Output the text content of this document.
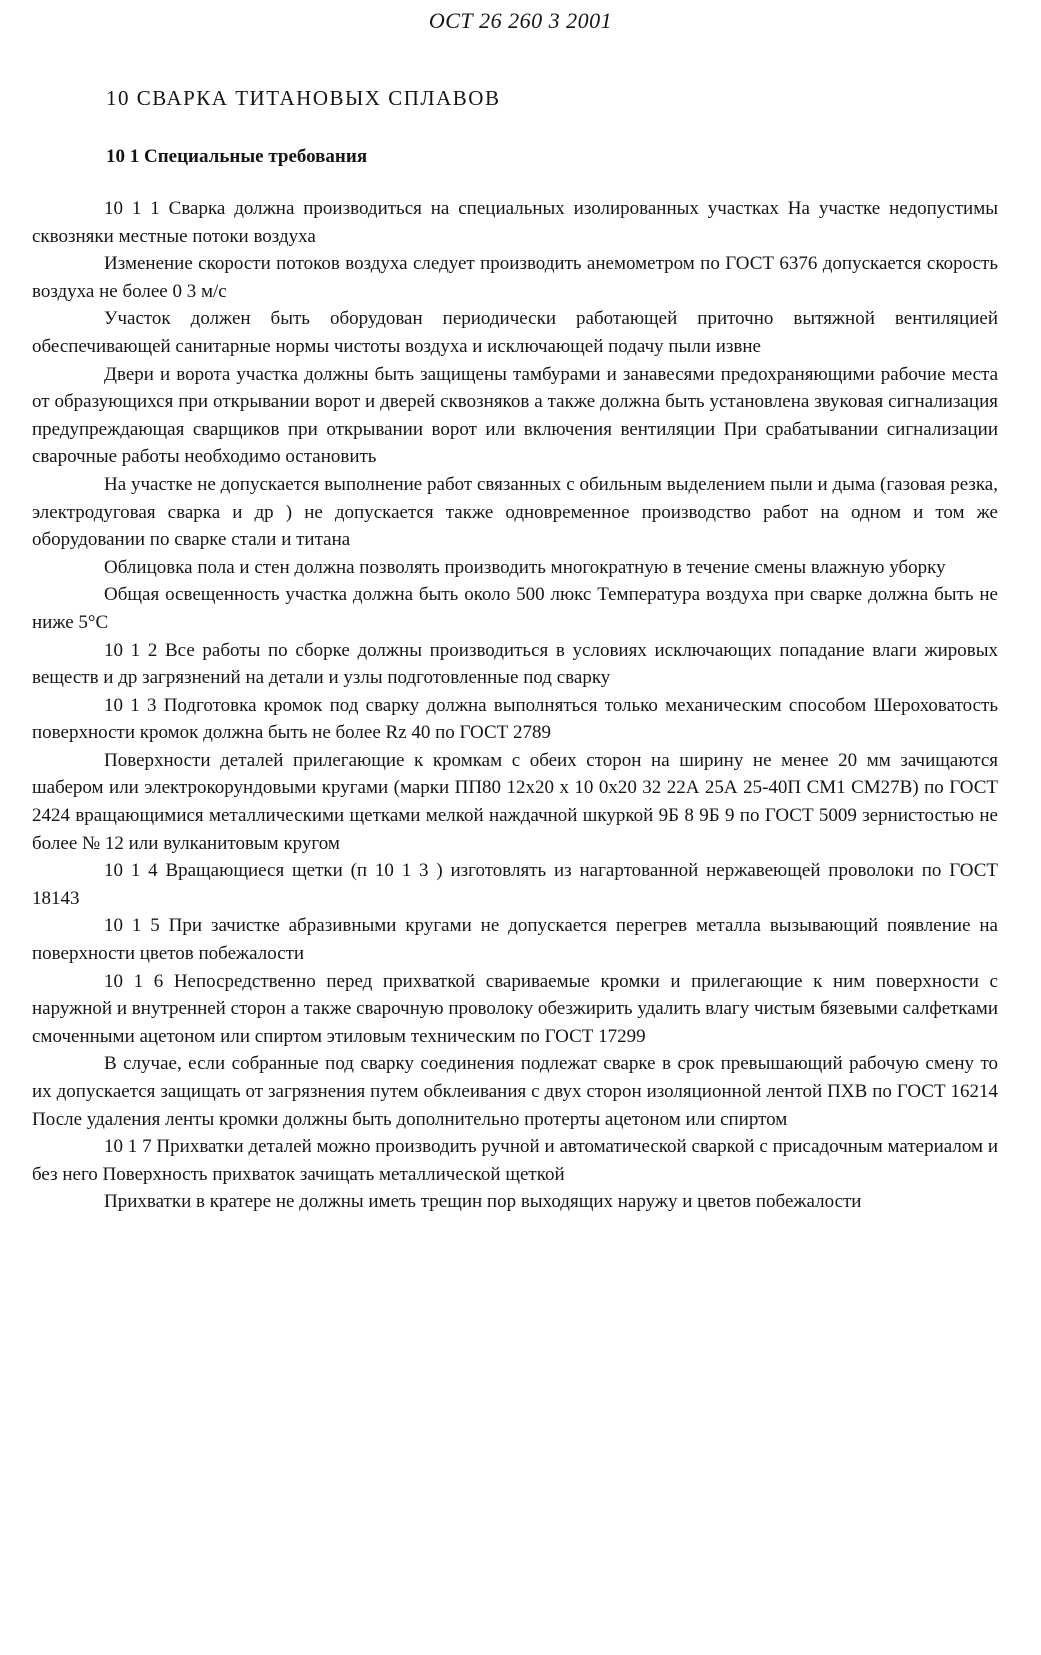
ОСТ 26 260 3 2001
10 СВАРКА ТИТАНОВЫХ СПЛАВОВ
10 1 Специальные требования

10 1 1 Сварка должна производиться на специальных изолированных участках На участке недопустимы сквозняки местные потоки воздуха

Изменение скорости потоков воздуха следует производить анемометром по ГОСТ 6376 допускается скорость воздуха не более 0 3 м/с

Участок должен быть оборудован периодически работающей приточно вытяжной вентиляцией обеспечивающей санитарные нормы чистоты воздуха и исключающей подачу пыли извне

Двери и ворота участка должны быть защищены тамбурами и занавесями предохраняющими рабочие места от образующихся при открывании ворот и дверей сквозняков а также должна быть установлена звуковая сигнализация предупреждающая сварщиков при открывании ворот или включения вентиляции При срабатывании сигнализации сварочные работы необходимо остановить

На участке не допускается выполнение работ связанных с обильным выделением пыли и дыма (газовая резка, электродуговая сварка и др ) не допускается также одновременное производство работ на одном и том же оборудовании по сварке стали и титана

Облицовка пола и стен должна позволять производить многократную в течение смены влажную уборку

Общая освещенность участка должна быть около 500 люкс Температура воздуха при сварке должна быть не ниже 5°С

10 1 2 Все работы по сборке должны производиться в условиях исключающих попадание влаги жировых веществ и др загрязнений на детали и узлы подготовленные под сварку

10 1 3 Подготовка кромок под сварку должна выполняться только механическим способом Шероховатость поверхности кромок должна быть не более Rz 40 по ГОСТ 2789

Поверхности деталей прилегающие к кромкам с обеих сторон на ширину не менее 20 мм зачищаются шабером или электрокорундовыми кругами (марки ПП80 12х20 х 10 0х20 32 22А 25А 25-40П СМ1 СМ27В) по ГОСТ 2424 вращающимися металлическими щетками мелкой наждачной шкуркой 9Б 8 9Б 9 по ГОСТ 5009 зернистостью не более № 12 или вулканитовым кругом

10 1 4 Вращающиеся щетки (п 10 1 3 ) изготовлять из нагартованной нержавеющей проволоки по ГОСТ 18143

10 1 5 При зачистке абразивными кругами не допускается перегрев металла вызывающий появление на поверхности цветов побежалости

10 1 6 Непосредственно перед прихваткой свариваемые кромки и прилегающие к ним поверхности с наружной и внутренней сторон а также сварочную проволоку обезжирить удалить влагу чистым бязевыми салфетками смоченными ацетоном или спиртом этиловым техническим по ГОСТ 17299

В случае, если собранные под сварку соединения подлежат сварке в срок превышающий рабочую смену то их допускается защищать от загрязнения путем обклеивания с двух сторон изоляционной лентой ПХВ по ГОСТ 16214 После удаления ленты кромки должны быть дополнительно протерты ацетоном или спиртом

10 1 7 Прихватки деталей можно производить ручной и автоматической сваркой с присадочным материалом и без него Поверхность прихваток зачищать металлической щеткой

Прихватки в кратере не должны иметь трещин пор выходящих наружу и цветов побежалости
